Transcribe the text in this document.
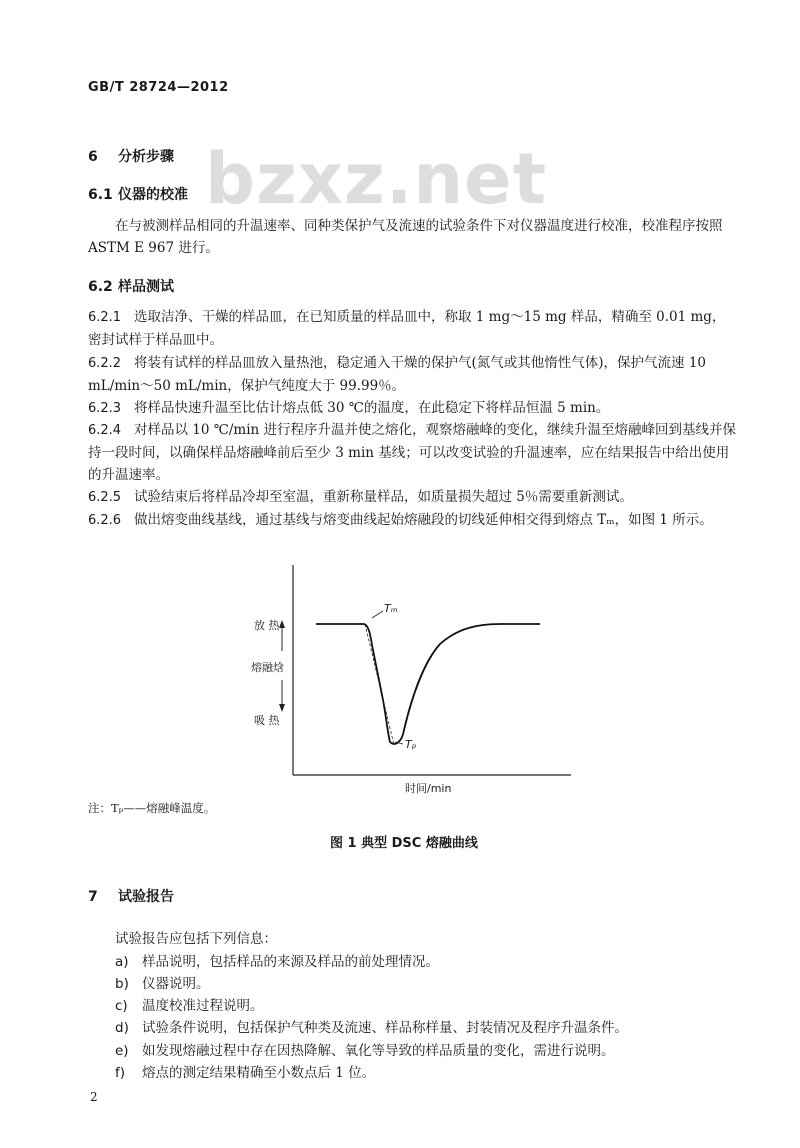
GB/T 28724—2012
bzxz.net
6 分析步骤
6.1 仪器的校准
在与被测样品相同的升温速率、同种类保护气及流速的试验条件下对仪器温度进行校准，校准程序按照 ASTM E 967 进行。
6.2 样品测试
6.2.1 选取洁净、干燥的样品皿，在已知质量的样品皿中，称取 1 mg～15 mg 样品，精确至 0.01 mg，密封试样于样品皿中。
6.2.2 将装有试样的样品皿放入量热池，稳定通入干燥的保护气(氮气或其他惰性气体)，保护气流速 10 mL/min～50 mL/min，保护气纯度大于 99.99％。
6.2.3 将样品快速升温至比估计熔点低 30 ℃的温度，在此稳定下将样品恒温 5 min。
6.2.4 对样品以 10 ℃/min 进行程序升温并使之熔化，观察熔融峰的变化，继续升温至熔融峰回到基线并保持一段时间，以确保样品熔融峰前后至少 3 min 基线；可以改变试验的升温速率，应在结果报告中给出使用的升温速率。
6.2.5 试验结束后将样品冷却至室温，重新称量样品，如质量损失超过 5％需要重新测试。
6.2.6 做出熔变曲线基线，通过基线与熔变曲线起始熔融段的切线延伸相交得到熔点 Tₘ，如图 1 所示。
放 热
熔融焓
吸 热
Tₘ
Tₚ
时间/min
注：Tₚ——熔融峰温度。
图 1 典型 DSC 熔融曲线
7 试验报告
试验报告应包括下列信息：
a) 样品说明，包括样品的来源及样品的前处理情况。
b) 仪器说明。
c) 温度校准过程说明。
d) 试验条件说明，包括保护气种类及流速、样品称样量、封装情况及程序升温条件。
e) 如发现熔融过程中存在因热降解、氧化等导致的样品质量的变化，需进行说明。
f) 熔点的测定结果精确至小数点后 1 位。
2
